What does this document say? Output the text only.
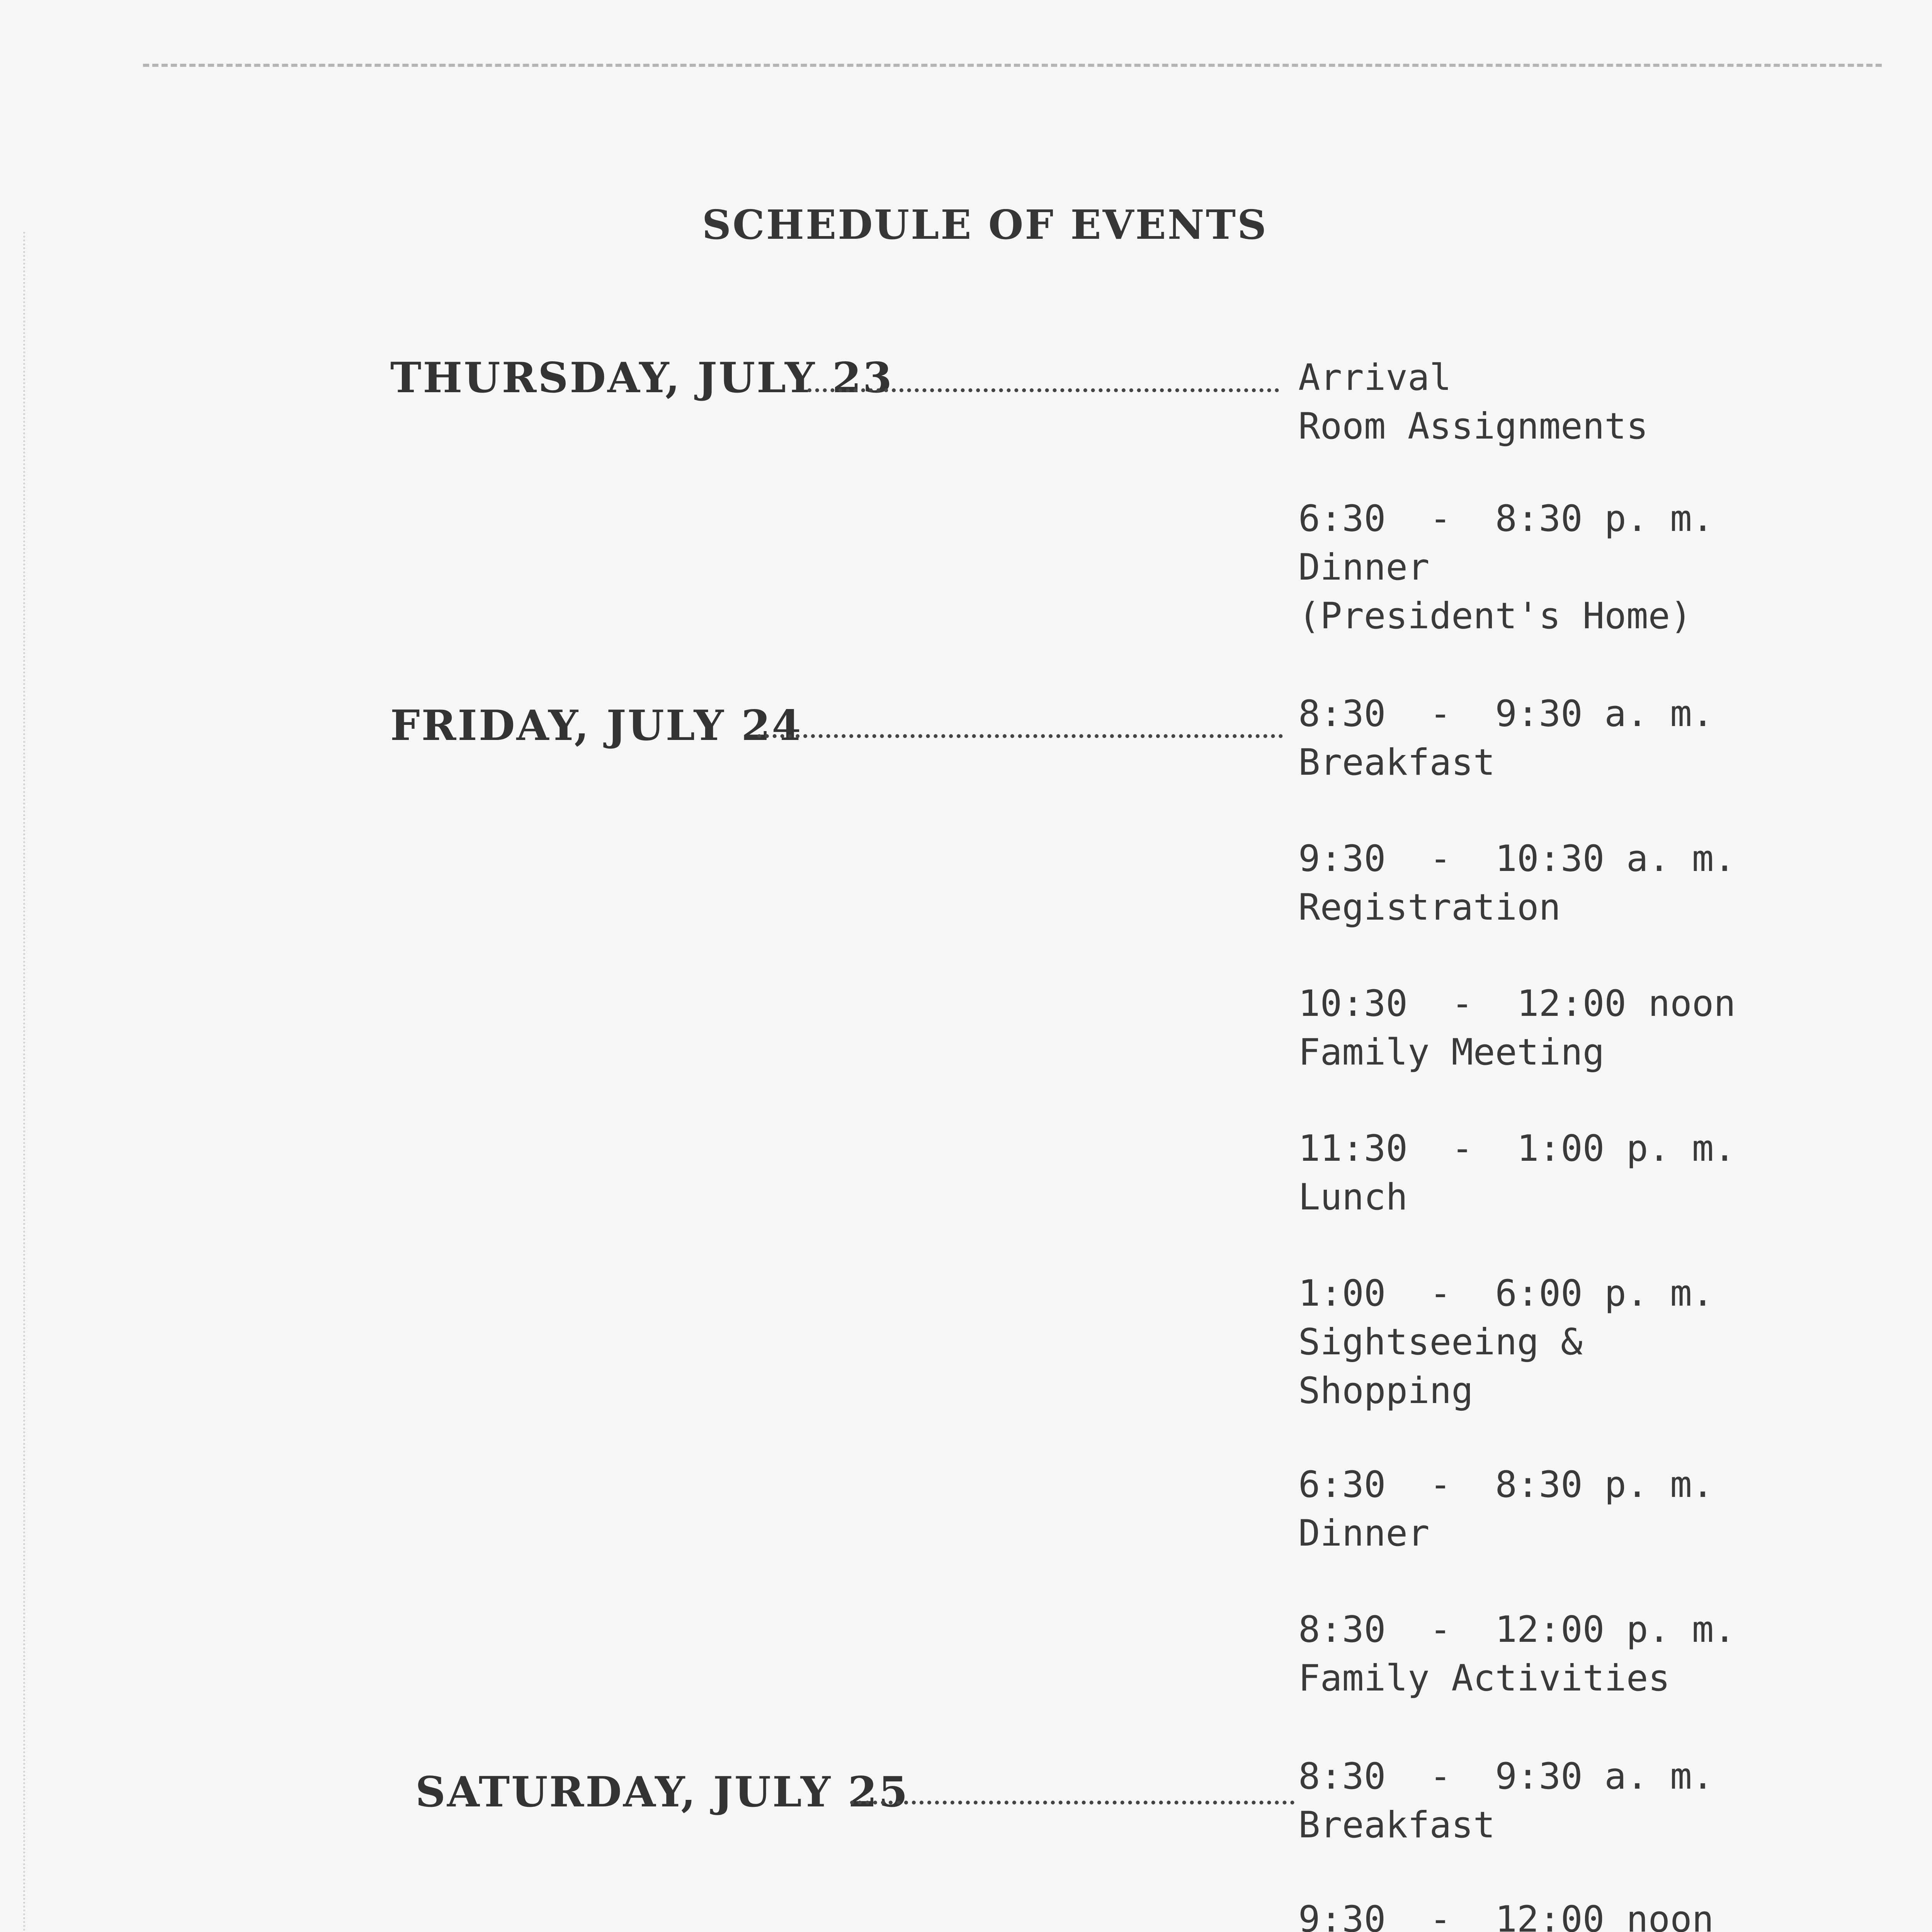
SCHEDULE OF EVENTS
THURSDAY, JULY 23	Arrival
Room Assignments
6:30  -  8:30 p. m.
Dinner
(President's Home)
FRIDAY, JULY 24	8:30  -  9:30 a. m.
Breakfast
9:30  -  10:30 a. m.
Registration
10:30  -  12:00 noon
Family Meeting
11:30  -  1:00 p. m.
Lunch
1:00  -  6:00 p. m.
Sightseeing &
Shopping
6:30  -  8:30 p. m.
Dinner
8:30  -  12:00 p. m.
Family Activities
SATURDAY, JULY 25	8:30  -  9:30 a. m.
Breakfast
9:30  -  12:00 noon
